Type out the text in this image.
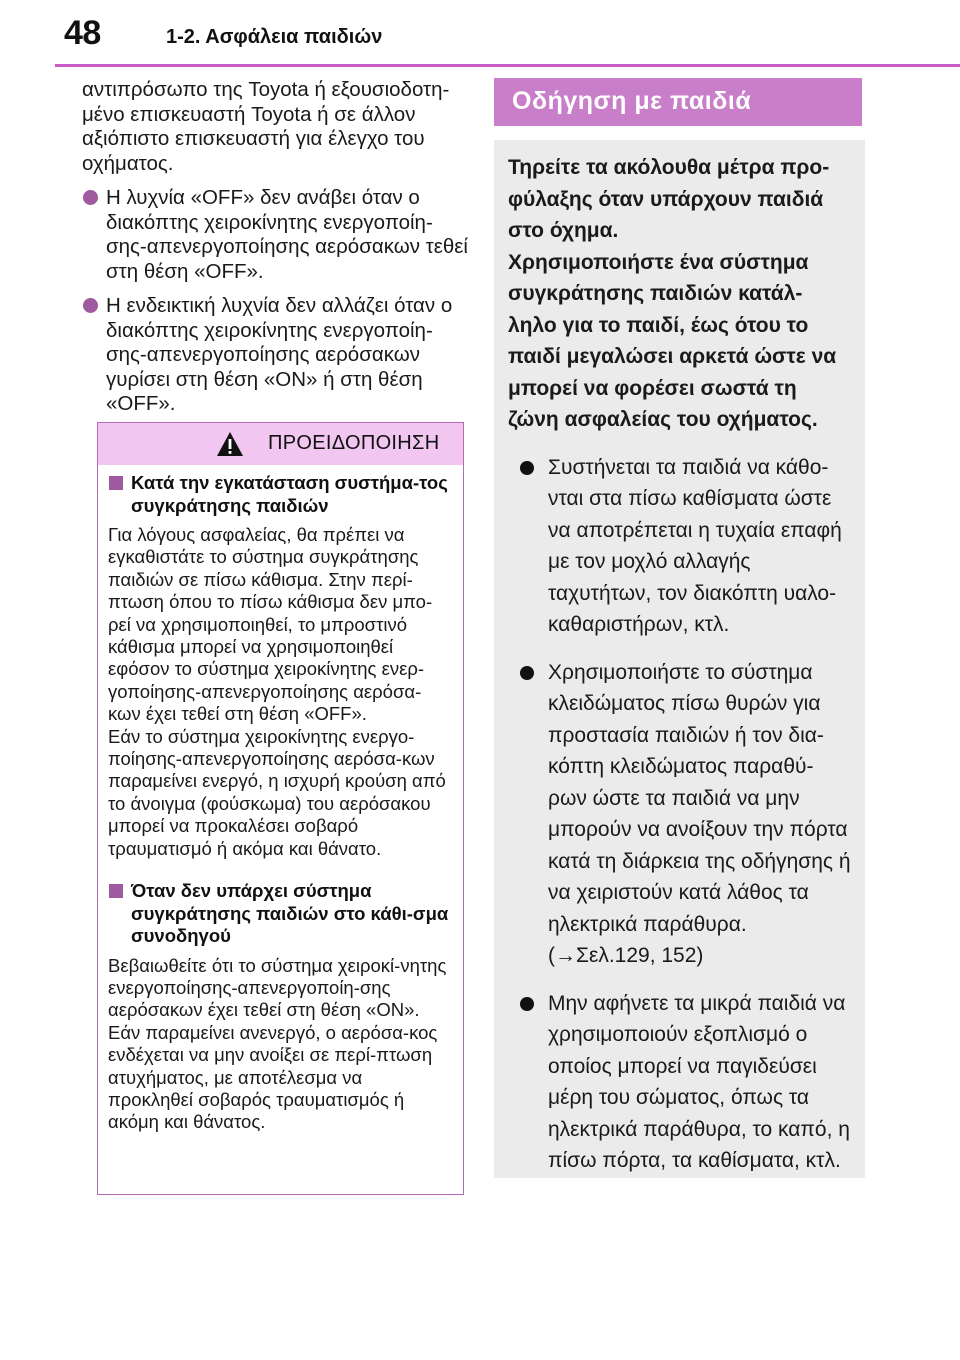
48	1-2. Ασφάλεια παιδιών

αντιπρόσωπο της Toyota ή εξουσιοδοτη-μένο επισκευαστή Toyota ή σε άλλον αξιόπιστο επισκευαστή για έλεγχο του οχήματος.

Η λυχνία «OFF» δεν ανάβει όταν ο διακόπτης χειροκίνητης ενεργοποίη-σης-απενεργοποίησης αερόσακων τεθεί στη θέση «OFF».
Η ενδεικτική λυχνία δεν αλλάζει όταν ο διακόπτης χειροκίνητης ενεργοποίη-σης-απενεργοποίησης αερόσακων γυρίσει στη θέση «ON» ή στη θέση «OFF».
ΠΡΟΕΙΔΟΠΟΙΗΣΗ
Κατά την εγκατάσταση συστήμα-τος συγκράτησης παιδιών

Για λόγους ασφαλείας, θα πρέπει να εγκαθιστάτε το σύστημα συγκράτησης παιδιών σε πίσω κάθισμα. Στην περί-πτωση όπου το πίσω κάθισμα δεν μπο-ρεί να χρησιμοποιηθεί, το μπροστινό κάθισμα μπορεί να χρησιμοποιηθεί εφόσον το σύστημα χειροκίνητης ενερ-γοποίησης-απενεργοποίησης αερόσα-κων έχει τεθεί στη θέση «OFF».
Εάν το σύστημα χειροκίνητης ενεργο-ποίησης-απενεργοποίησης αερόσα-κων παραμείνει ενεργό, η ισχυρή κρούση από το άνοιγμα (φούσκωμα) του αερόσακου μπορεί να προκαλέσει σοβαρό τραυματισμό ή ακόμα και θάνατο.

Όταν δεν υπάρχει σύστημα συγκράτησης παιδιών στο κάθι-σμα συνοδηγού

Βεβαιωθείτε ότι το σύστημα χειροκί-νητης ενεργοποίησης-απενεργοποίη-σης αερόσακων έχει τεθεί στη θέση «ON».
Εάν παραμείνει ανενεργό, ο αερόσα-κος ενδέχεται να μην ανοίξει σε περί-πτωση ατυχήματος, με αποτέλεσμα να προκληθεί σοβαρός τραυματισμός ή ακόμη και θάνατος.

Οδήγηση με παιδιά

Τηρείτε τα ακόλουθα μέτρα προ-φύλαξης όταν υπάρχουν παιδιά στο όχημα.
Χρησιμοποιήστε ένα σύστημα συγκράτησης παιδιών κατάλ-ληλο για το παιδί, έως ότου το παιδί μεγαλώσει αρκετά ώστε να μπορεί να φορέσει σωστά τη ζώνη ασφαλείας του οχήματος.

Συστήνεται τα παιδιά να κάθο-νται στα πίσω καθίσματα ώστε να αποτρέπεται η τυχαία επαφή με τον μοχλό αλλαγής ταχυτήτων, τον διακόπτη υαλο-καθαριστήρων, κτλ.
Χρησιμοποιήστε το σύστημα κλειδώματος πίσω θυρών για προστασία παιδιών ή τον δια-κόπτη κλειδώματος παραθύ-ρων ώστε τα παιδιά να μην μπορούν να ανοίξουν την πόρτα κατά τη διάρκεια της οδήγησης ή να χειριστούν κατά λάθος τα ηλεκτρικά παράθυρα. (→Σελ.129, 152)
Μην αφήνετε τα μικρά παιδιά να χρησιμοποιούν εξοπλισμό ο οποίος μπορεί να παγιδεύσει μέρη του σώματος, όπως τα ηλεκτρικά παράθυρα, το καπό, η πίσω πόρτα, τα καθίσματα, κτλ.
